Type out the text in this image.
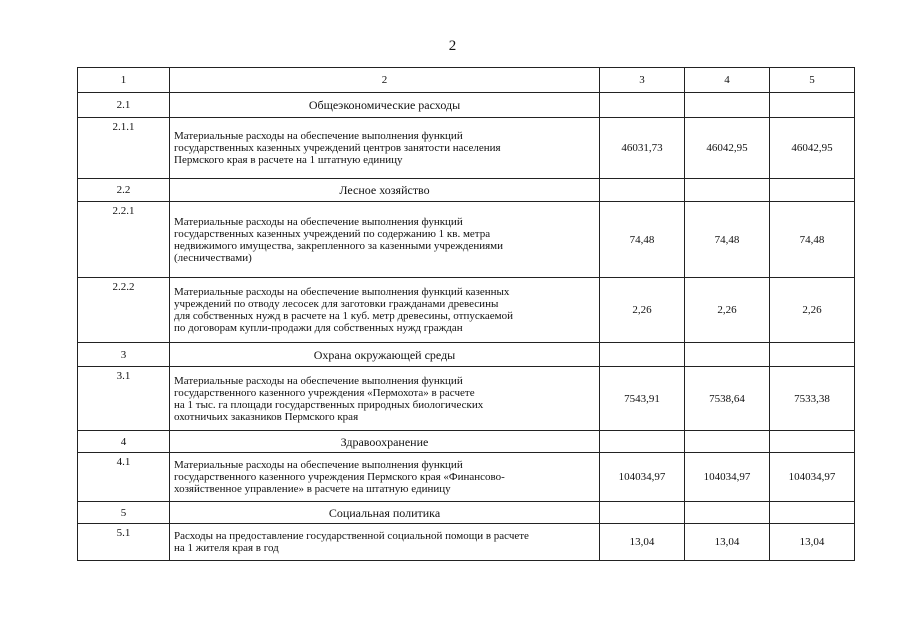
2
1	2	3	4	5
2.1	Общеэкономические расходы			
2.1.1	Материальные расходы на обеспечение выполнения функций
государственных казенных учреждений центров занятости населения
Пермского края в расчете на 1 штатную единицу	46031,73	46042,95	46042,95
2.2	Лесное хозяйство			
2.2.1	Материальные расходы на обеспечение выполнения функций
государственных казенных учреждений по содержанию 1 кв. метра
недвижимого имущества, закрепленного за казенными учреждениями
(лесничествами)	74,48	74,48	74,48
2.2.2	Материальные расходы на обеспечение выполнения функций казенных
учреждений по отводу лесосек для заготовки гражданами древесины
для собственных нужд в расчете на 1 куб. метр древесины, отпускаемой
по договорам купли-продажи для собственных нужд граждан	2,26	2,26	2,26
3	Охрана окружающей среды			
3.1	Материальные расходы на обеспечение выполнения функций
государственного казенного учреждения «Пермохота» в расчете
на 1 тыс. га площади государственных природных биологических
охотничьих заказников Пермского края	7543,91	7538,64	7533,38
4	Здравоохранение			
4.1	Материальные расходы на обеспечение выполнения функций
государственного казенного учреждения Пермского края «Финансово-
хозяйственное управление» в расчете на штатную единицу	104034,97	104034,97	104034,97
5	Социальная политика			
5.1	Расходы на предоставление государственной социальной помощи в расчете
на 1 жителя края в год	13,04	13,04	13,04
